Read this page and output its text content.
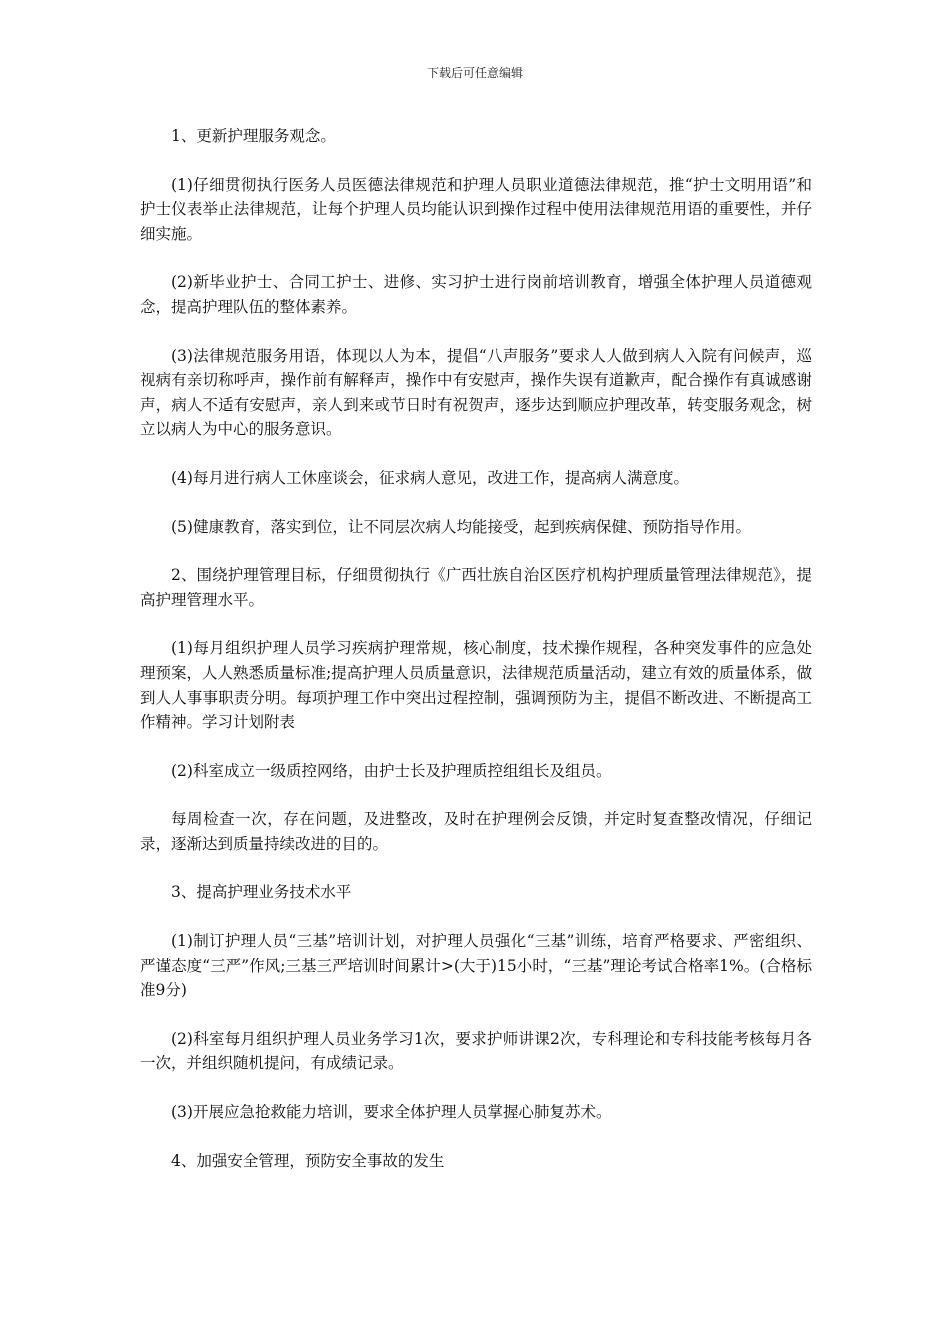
下载后可任意编辑

1、更新护理服务观念。

(1)仔细贯彻执行医务人员医德法律规范和护理人员职业道德法律规范，推“护士文明用语”和护士仪表举止法律规范，让每个护理人员均能认识到操作过程中使用法律规范用语的重要性，并仔细实施。

(2)新毕业护士、合同工护士、进修、实习护士进行岗前培训教育，增强全体护理人员道德观念，提高护理队伍的整体素养。

(3)法律规范服务用语，体现以人为本，提倡“八声服务”要求人人做到病人入院有问候声，巡视病有亲切称呼声，操作前有解释声，操作中有安慰声，操作失误有道歉声，配合操作有真诚感谢声，病人不适有安慰声，亲人到来或节日时有祝贺声，逐步达到顺应护理改革，转变服务观念，树立以病人为中心的服务意识。

(4)每月进行病人工休座谈会，征求病人意见，改进工作，提高病人满意度。

(5)健康教育，落实到位，让不同层次病人均能接受，起到疾病保健、预防指导作用。

2、围绕护理管理目标，仔细贯彻执行《广西壮族自治区医疗机构护理质量管理法律规范》，提高护理管理水平。

(1)每月组织护理人员学习疾病护理常规，核心制度，技术操作规程，各种突发事件的应急处理预案，人人熟悉质量标准;提高护理人员质量意识，法律规范质量活动，建立有效的质量体系，做到人人事事职责分明。每项护理工作中突出过程控制，强调预防为主，提倡不断改进、不断提高工作精神。学习计划附表

(2)科室成立一级质控网络，由护士长及护理质控组组长及组员。

每周检查一次，存在问题，及进整改，及时在护理例会反馈，并定时复查整改情况，仔细记录，逐渐达到质量持续改进的目的。

3、提高护理业务技术水平

(1)制订护理人员“三基”培训计划，对护理人员强化“三基”训练，培育严格要求、严密组织、严谨态度“三严”作风;三基三严培训时间累计>(大于)15小时，“三基”理论考试合格率1%。(合格标准9分)

(2)科室每月组织护理人员业务学习1次，要求护师讲课2次，专科理论和专科技能考核每月各一次，并组织随机提问，有成绩记录。

(3)开展应急抢救能力培训，要求全体护理人员掌握心肺复苏术。

4、加强安全管理，预防安全事故的发生
